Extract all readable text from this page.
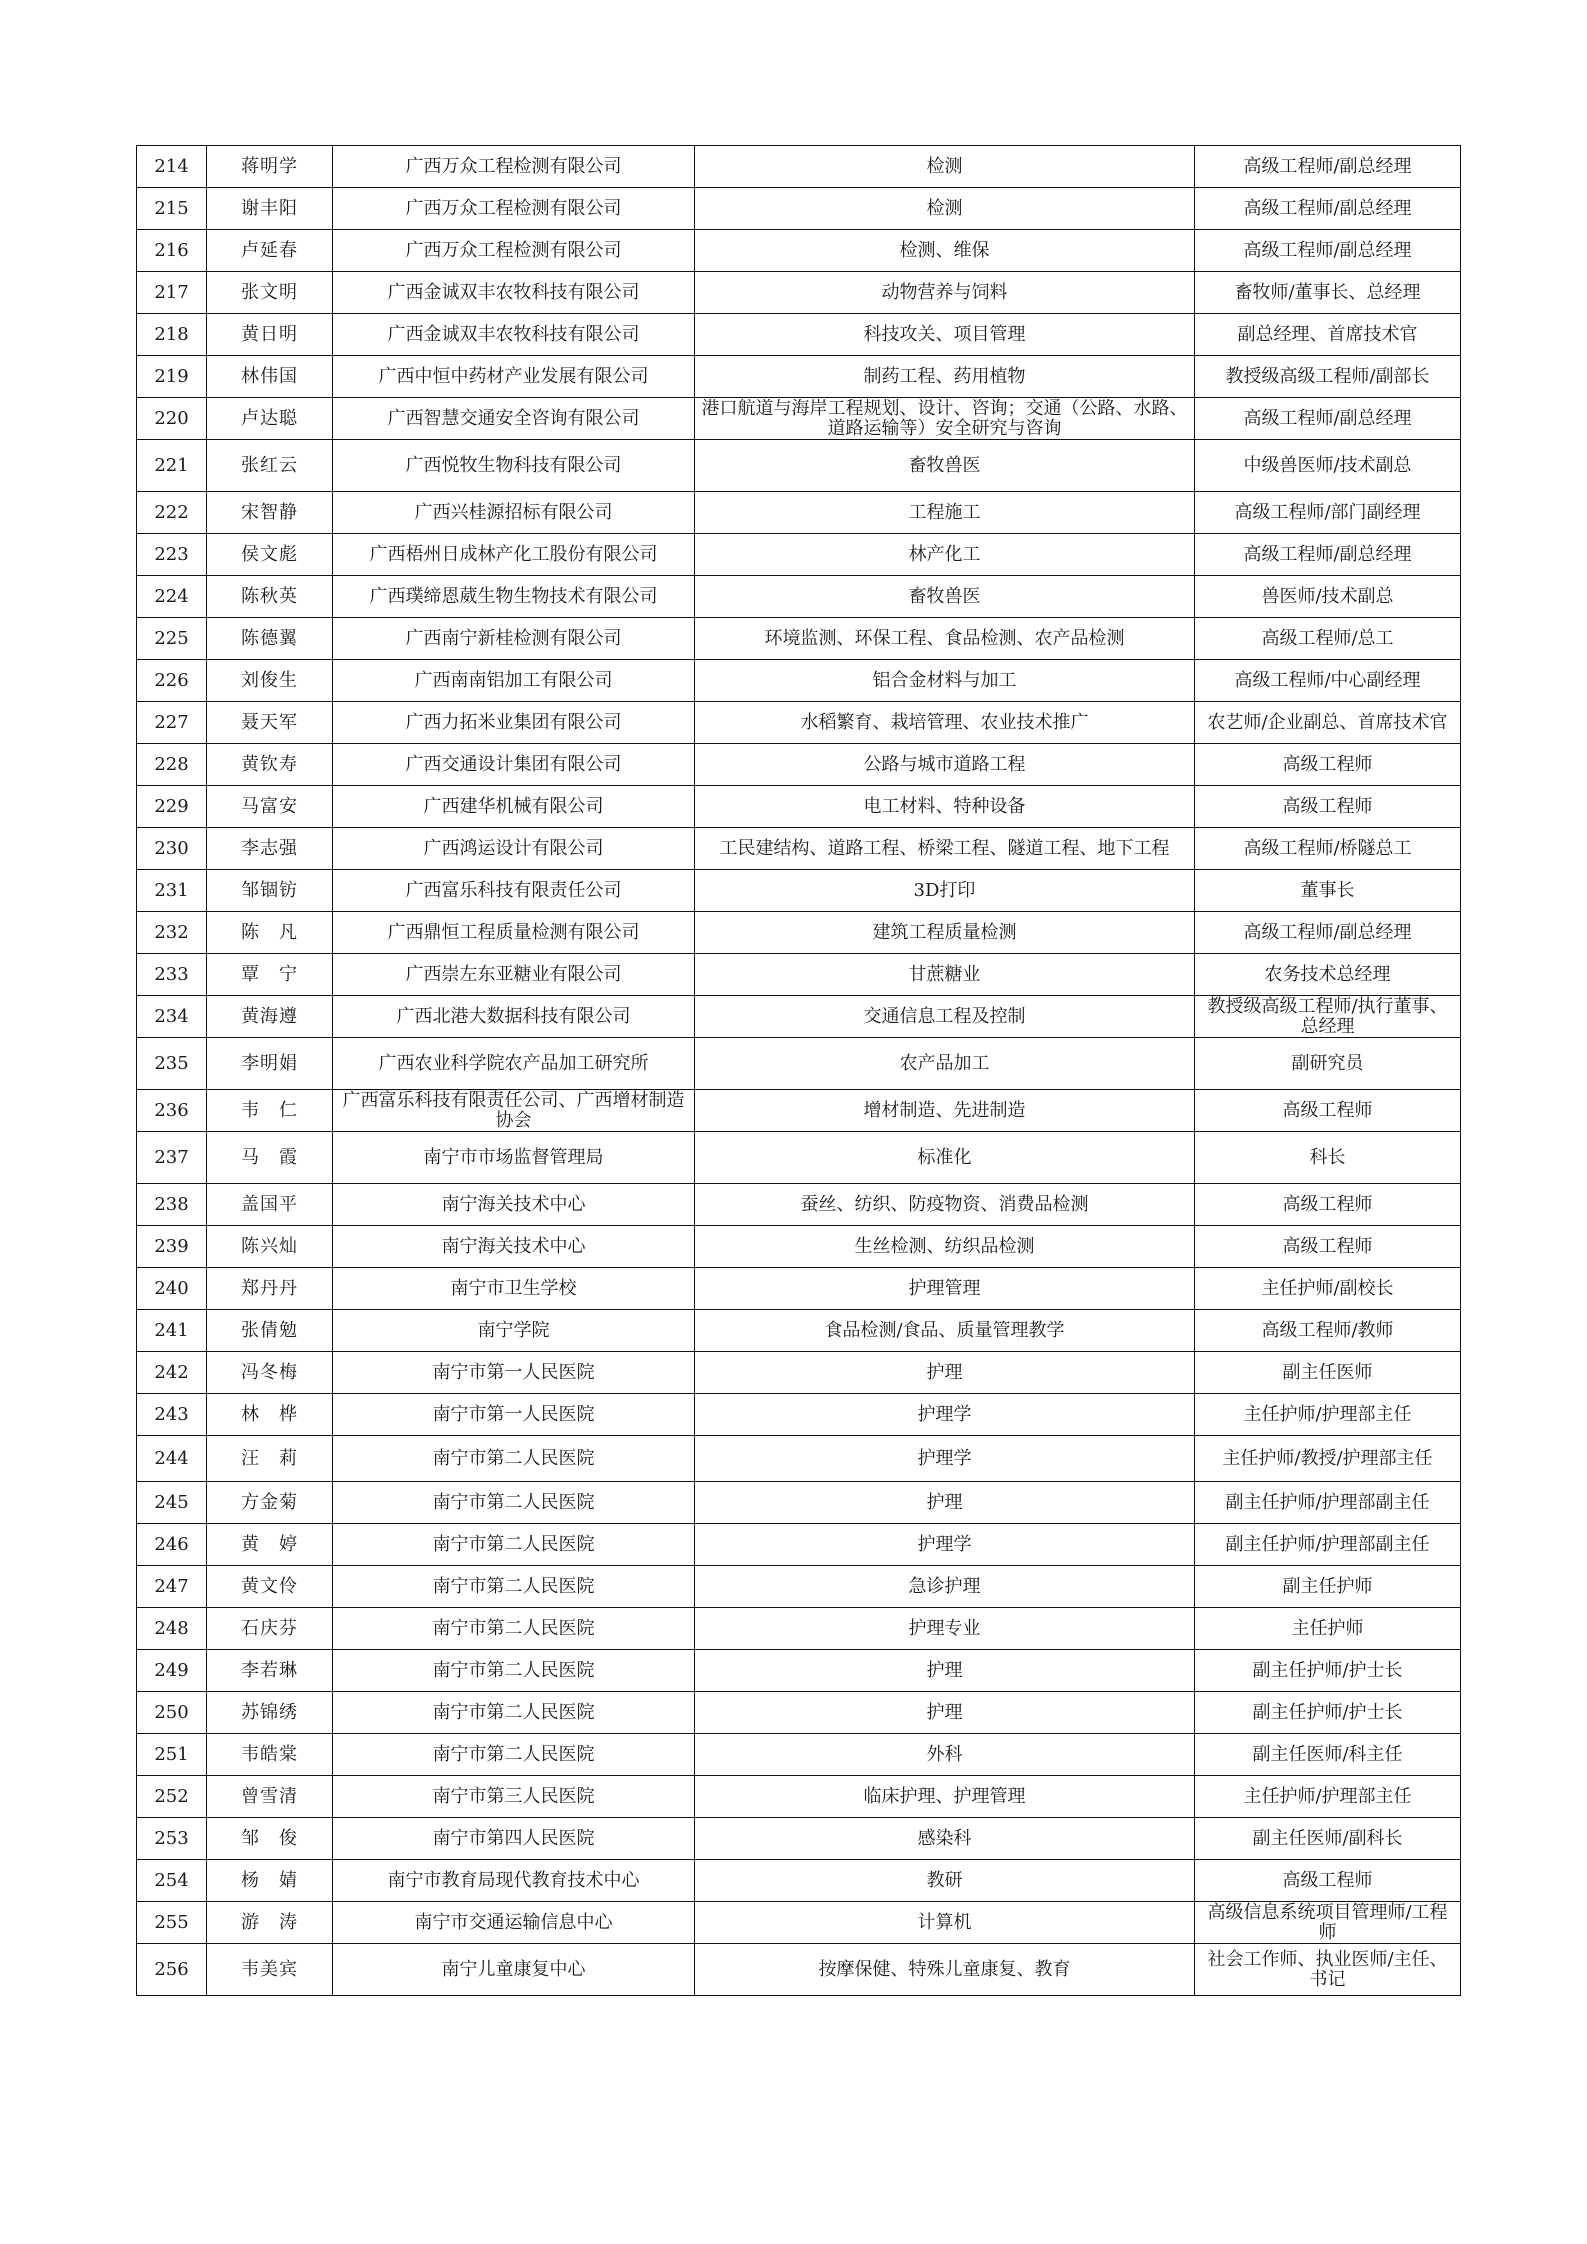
214	蒋明学	广西万众工程检测有限公司	检测	高级工程师/副总经理
215	谢丰阳	广西万众工程检测有限公司	检测	高级工程师/副总经理
216	卢延春	广西万众工程检测有限公司	检测、维保	高级工程师/副总经理
217	张文明	广西金诚双丰农牧科技有限公司	动物营养与饲料	畜牧师/董事长、总经理
218	黄日明	广西金诚双丰农牧科技有限公司	科技攻关、项目管理	副总经理、首席技术官
219	林伟国	广西中恒中药材产业发展有限公司	制药工程、药用植物	教授级高级工程师/副部长
220	卢达聪	广西智慧交通安全咨询有限公司	港口航道与海岸工程规划、设计、咨询；交通（公路、水路、道路运输等）安全研究与咨询	高级工程师/副总经理
221	张红云	广西悦牧生物科技有限公司	畜牧兽医	中级兽医师/技术副总
222	宋智静	广西兴桂源招标有限公司	工程施工	高级工程师/部门副经理
223	侯文彪	广西梧州日成林产化工股份有限公司	林产化工	高级工程师/副总经理
224	陈秋英	广西璞缔恩葳生物生物技术有限公司	畜牧兽医	兽医师/技术副总
225	陈德翼	广西南宁新桂检测有限公司	环境监测、环保工程、食品检测、农产品检测	高级工程师/总工
226	刘俊生	广西南南铝加工有限公司	铝合金材料与加工	高级工程师/中心副经理
227	聂天军	广西力拓米业集团有限公司	水稻繁育、栽培管理、农业技术推广	农艺师/企业副总、首席技术官
228	黄钦寿	广西交通设计集团有限公司	公路与城市道路工程	高级工程师
229	马富安	广西建华机械有限公司	电工材料、特种设备	高级工程师
230	李志强	广西鸿运设计有限公司	工民建结构、道路工程、桥梁工程、隧道工程、地下工程	高级工程师/桥隧总工
231	邹锢钫	广西富乐科技有限责任公司	3D打印	董事长
232	陈　凡	广西鼎恒工程质量检测有限公司	建筑工程质量检测	高级工程师/副总经理
233	覃　宁	广西崇左东亚糖业有限公司	甘蔗糖业	农务技术总经理
234	黄海遵	广西北港大数据科技有限公司	交通信息工程及控制	教授级高级工程师/执行董事、总经理
235	李明娟	广西农业科学院农产品加工研究所	农产品加工	副研究员
236	韦　仁	广西富乐科技有限责任公司、广西增材制造协会	增材制造、先进制造	高级工程师
237	马　霞	南宁市市场监督管理局	标准化	科长
238	盖国平	南宁海关技术中心	蚕丝、纺织、防疫物资、消费品检测	高级工程师
239	陈兴灿	南宁海关技术中心	生丝检测、纺织品检测	高级工程师
240	郑丹丹	南宁市卫生学校	护理管理	主任护师/副校长
241	张倩勉	南宁学院	食品检测/食品、质量管理教学	高级工程师/教师
242	冯冬梅	南宁市第一人民医院	护理	副主任医师
243	林　桦	南宁市第一人民医院	护理学	主任护师/护理部主任
244	汪　莉	南宁市第二人民医院	护理学	主任护师/教授/护理部主任
245	方金菊	南宁市第二人民医院	护理	副主任护师/护理部副主任
246	黄　婷	南宁市第二人民医院	护理学	副主任护师/护理部副主任
247	黄文伶	南宁市第二人民医院	急诊护理	副主任护师
248	石庆芬	南宁市第二人民医院	护理专业	主任护师
249	李若琳	南宁市第二人民医院	护理	副主任护师/护士长
250	苏锦绣	南宁市第二人民医院	护理	副主任护师/护士长
251	韦皓棠	南宁市第二人民医院	外科	副主任医师/科主任
252	曾雪清	南宁市第三人民医院	临床护理、护理管理	主任护师/护理部主任
253	邹　俊	南宁市第四人民医院	感染科	副主任医师/副科长
254	杨　婧	南宁市教育局现代教育技术中心	教研	高级工程师
255	游　涛	南宁市交通运输信息中心	计算机	高级信息系统项目管理师/工程师
256	韦美宾	南宁儿童康复中心	按摩保健、特殊儿童康复、教育	社会工作师、执业医师/主任、书记
